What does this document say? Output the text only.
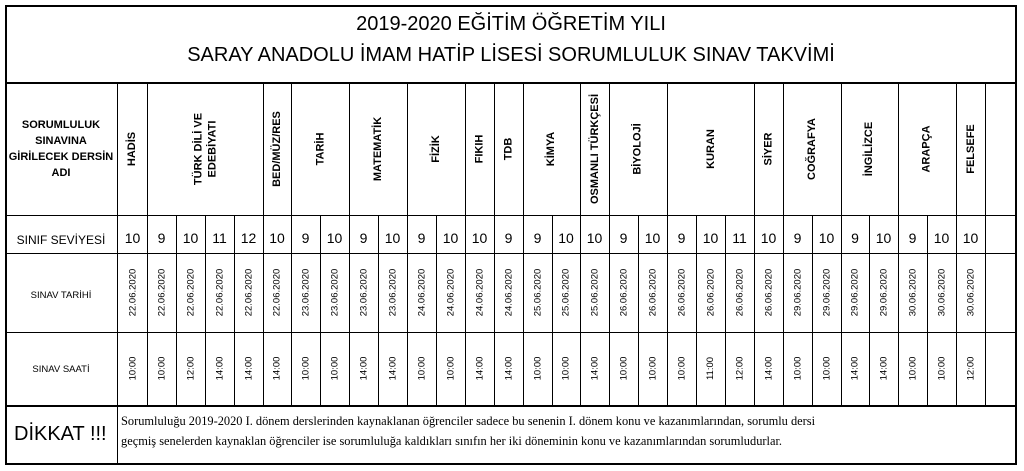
2019-2020 EĞİTİM ÖĞRETİM YILI
SARAY ANADOLU İMAM HATİP LİSESİ SORUMLULUK SINAV TAKVİMİ
SORUMLULUK SINAVINA GİRİLECEK DERSİN ADI
SINIF SEVİYESİ
SINAV TARİHİ
SINAV SAATİ
HADİS
10
22.06.2020
10:00
TÜRK DİLİ VE EDEBİYATI
9
22.06.2020
10:00
10
22.06.2020
12:00
11
22.06.2020
14:00
12
22.06.2020
14:00
BED/MÜZ/RES
10
22.06.2020
14:00
TARİH
9
23.06.2020
10:00
10
23.06.2020
10:00
MATEMATİK
9
23.06.2020
14:00
10
23.06.2020
14:00
FİZİK
9
24.06.2020
10:00
10
24.06.2020
10:00
FIKIH
10
24.06.2020
14:00
TDB
9
24.06.2020
14:00
KİMYA
9
25.06.2020
10:00
10
25.06.2020
10:00
OSMANLI TÜRKÇESİ
10
25.06.2020
14:00
BİYOLOJİ
9
26.06.2020
10:00
10
26.06.2020
10:00
KURAN
9
26.06.2020
10:00
10
26.06.2020
11:00
11
26.06.2020
12:00
SİYER
10
26.06.2020
14:00
COĞRAFYA
9
29.06.2020
10:00
10
29.06.2020
10:00
İNGİLİZCE
9
29.06.2020
14:00
10
29.06.2020
14:00
ARAPÇA
9
30.06.2020
10:00
10
30.06.2020
10:00
FELSEFE
10
30.06.2020
12:00
DİKKAT !!!
Sorumluluğu 2019-2020 I. dönem derslerinden kaynaklanan öğrenciler sadece bu senenin I. dönem konu ve kazanımlarından, sorumlu dersi
geçmiş senelerden kaynaklan öğrenciler ise sorumluluğa kaldıkları sınıfın her iki döneminin konu ve kazanımlarından sorumludurlar.
